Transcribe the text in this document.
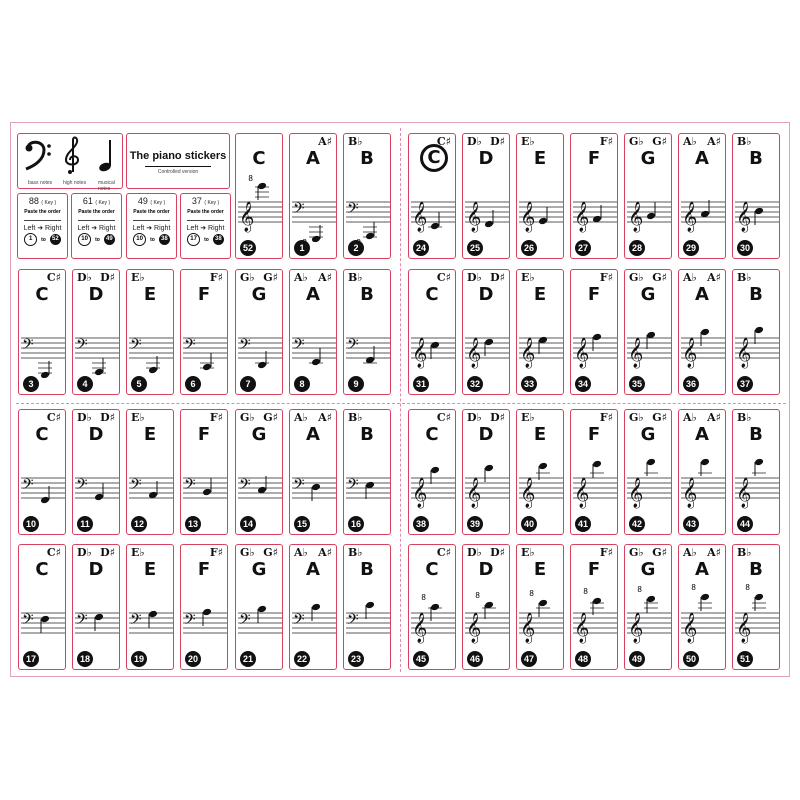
bass notes high notes musical notes
The piano stickers
Controlled version
88 ( Key )
Paste the order
Left ➜ Right
1	to	52
61 ( Key )
Paste the order
Left ➜ Right
10	to	49
49 ( Key )
Paste the order
Left ➜ Right
10	to	38
37 ( Key )
Paste the order
Left ➜ Right
17	to	38
C♯
C
𝄞
24
D♭ D♯
D
𝄞
25
E♭
E
𝄞
26
F♯
F
𝄞
27
G♭ G♯
G
𝄞
28
A♭ A♯
A
𝄞
29
B♭
B
𝄞
30
C♯
C
𝄢
3
D♭ D♯
D
𝄢
4
E♭
E
𝄢
5
F♯
F
𝄢
6
G♭ G♯
G
𝄢
7
A♭ A♯
A
𝄢
8
B♭
B
𝄢
9
C♯
C
𝄞
31
D♭ D♯
D
𝄞
32
E♭
E
𝄞
33
F♯
F
𝄞
34
G♭ G♯
G
𝄞
35
A♭ A♯
A
𝄞
36
B♭
B
𝄞
37
C♯
C
𝄢
10
D♭ D♯
D
𝄢
11
E♭
E
𝄢
12
F♯
F
𝄢
13
G♭ G♯
G
𝄢
14
A♭ A♯
A
𝄢
15
B♭
B
𝄢
16
C♯
C
𝄞
38
D♭ D♯
D
𝄞
39
E♭
E
𝄞
40
F♯
F
𝄞
41
G♭ G♯
G
𝄞
42
A♭ A♯
A
𝄞
43
B♭
B
𝄞
44
C♯
C
𝄢
17
D♭ D♯
D
𝄢
18
E♭
E
𝄢
19
F♯
F
𝄢
20
G♭ G♯
G
𝄢
21
A♭ A♯
A
𝄢
22
B♭
B
𝄢
23
C♯
C
𝄞
8
45
D♭ D♯
D
𝄞
8
46
E♭
E
𝄞
8
47
F♯
F
𝄞
8
48
G♭ G♯
G
𝄞
8
49
A♭ A♯
A
𝄞
8
50
B♭
B
𝄞
8
51
C
𝄞
8
52
A♯
A
𝄢
1
B♭
B
𝄢
2
